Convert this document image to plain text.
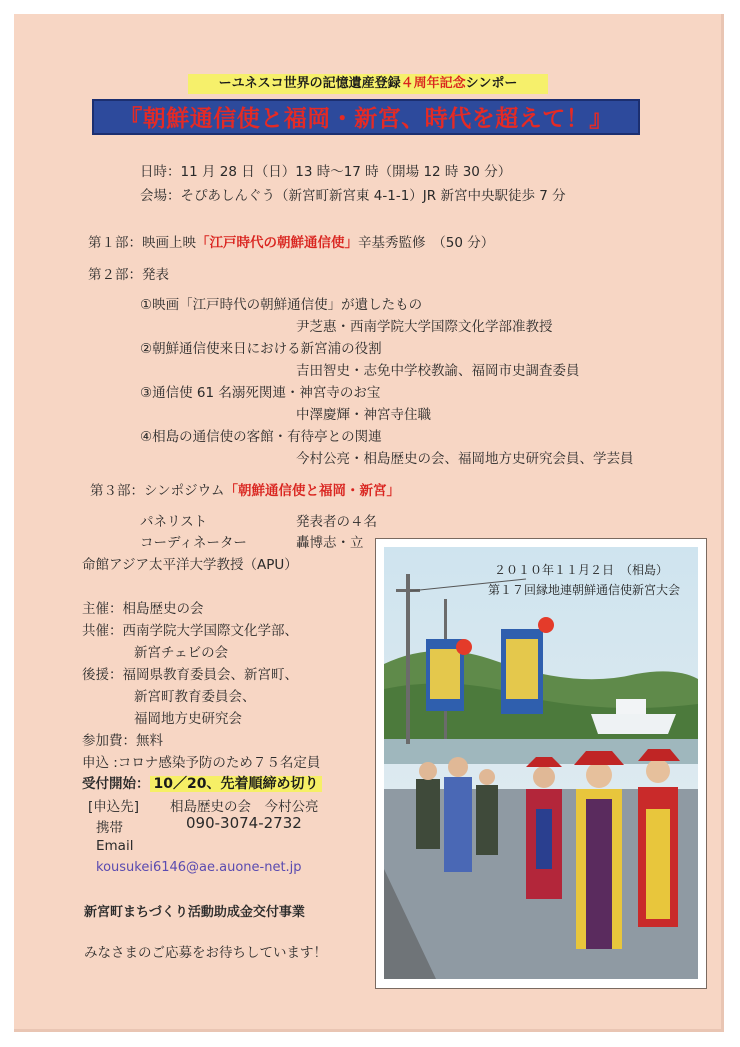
ーユネスコ世界の記憶遺産登録４周年記念シンポー
『朝鮮通信使と福岡・新宮、時代を超えて！』
日時：11 月 28 日（日）13 時〜17 時（開場 12 時 30 分）
会場：そぴあしんぐう（新宮町新宮東 4-1-1）JR 新宮中央駅徒歩 7 分
第１部：映画上映「江戸時代の朝鮮通信使」辛基秀監修　（50 分）
第２部：発表
①映画「江戸時代の朝鮮通信使」が遺したもの
尹芝惠・西南学院大学国際文化学部准教授
②朝鮮通信使来日における新宮浦の役割
吉田智史・志免中学校教諭、福岡市史調査委員
③通信使 61 名溺死関連・神宮寺のお宝
中澤慶輝・神宮寺住職
④相島の通信使の客館・有待亭との関連
今村公亮・相島歴史の会、福岡地方史研究会員、学芸員
第３部：シンポジウム「朝鮮通信使と福岡・新宮」
パネリスト	発表者の４名
コーディネーター	轟博志・立
命館アジア太平洋大学教授（APU）
主催：相島歴史の会
共催：西南学院大学国際文化学部、
新宮チェビの会
後援：福岡県教育委員会、新宮町、
新宮町教育委員会、
福岡地方史研究会
参加費：無料
申込 :コロナ感染予防のため７５名定員
受付開始： 10／20、先着順締め切り
[申込先] 相島歴史の会　今村公亮
携帯	090-3074-2732
Email
kousukei6146@ae.auone-net.jp
新宮町まちづくり活動助成金交付事業
みなさまのご応募をお待ちしています！
２０１０年１１月２日　（相島）
第１７回縁地連朝鮮通信使新宮大会
